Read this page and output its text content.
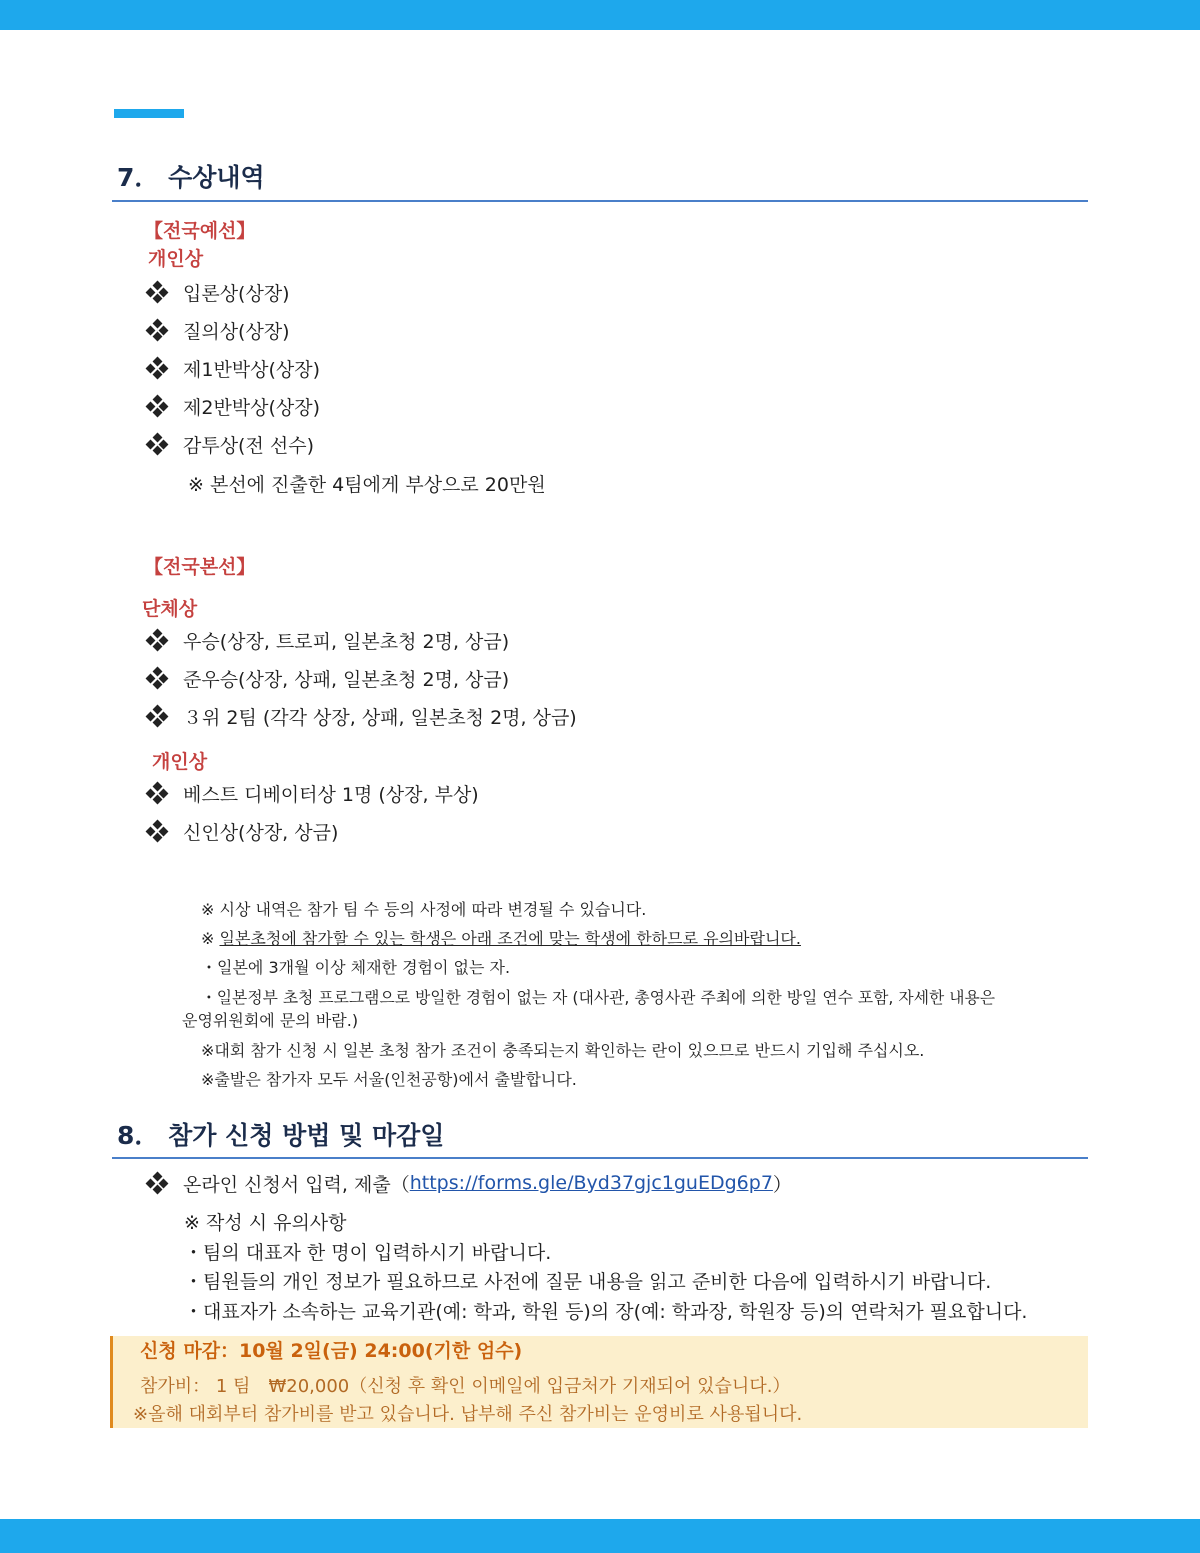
7． 수상내역
【전국예선】
개인상
입론상(상장)
질의상(상장)
제1반박상(상장)
제2반박상(상장)
감투상(전 선수)
※ 본선에 진출한 4팀에게 부상으로 20만원
【전국본선】
단체상
우승(상장, 트로피, 일본초청 2명, 상금)
준우승(상장, 상패, 일본초청 2명, 상금)
３위 2팀 (각각 상장, 상패, 일본초청 2명, 상금)
개인상
베스트 디베이터상 1명 (상장, 부상)
신인상(상장, 상금)
※ 시상 내역은 참가 팀 수 등의 사정에 따라 변경될 수 있습니다.
※ 일본초청에 참가할 수 있는 학생은 아래 조건에 맞는 학생에 한하므로 유의바랍니다.
・일본에 3개월 이상 체재한 경험이 없는 자.
・일본정부 초청 프로그램으로 방일한 경험이 없는 자 (대사관, 총영사관 주최에 의한 방일 연수 포함, 자세한 내용은
운영위원회에 문의 바람.)
※대회 참가 신청 시 일본 초청 참가 조건이 충족되는지 확인하는 란이 있으므로 반드시 기입해 주십시오.
※출발은 참가자 모두 서울(인천공항)에서 출발합니다.
8． 참가 신청 방법 및 마감일
온라인 신청서 입력, 제출（ https://forms.gle/Byd37gjc1guEDg6p7 ）
※ 작성 시 유의사항
・팀의 대표자 한 명이 입력하시기 바랍니다.
・팀원들의 개인 정보가 필요하므로 사전에 질문 내용을 읽고 준비한 다음에 입력하시기 바랍니다.
・대표자가 소속하는 교육기관(예: 학과, 학원 등)의 장(예: 학과장, 학원장 등)의 연락처가 필요합니다.
신청 마감：10월 2일(금) 24:00(기한 엄수)
참가비： 1 팀　₩20,000（신청 후 확인 이메일에 입금처가 기재되어 있습니다.）
※올해 대회부터 참가비를 받고 있습니다. 납부해 주신 참가비는 운영비로 사용됩니다.
